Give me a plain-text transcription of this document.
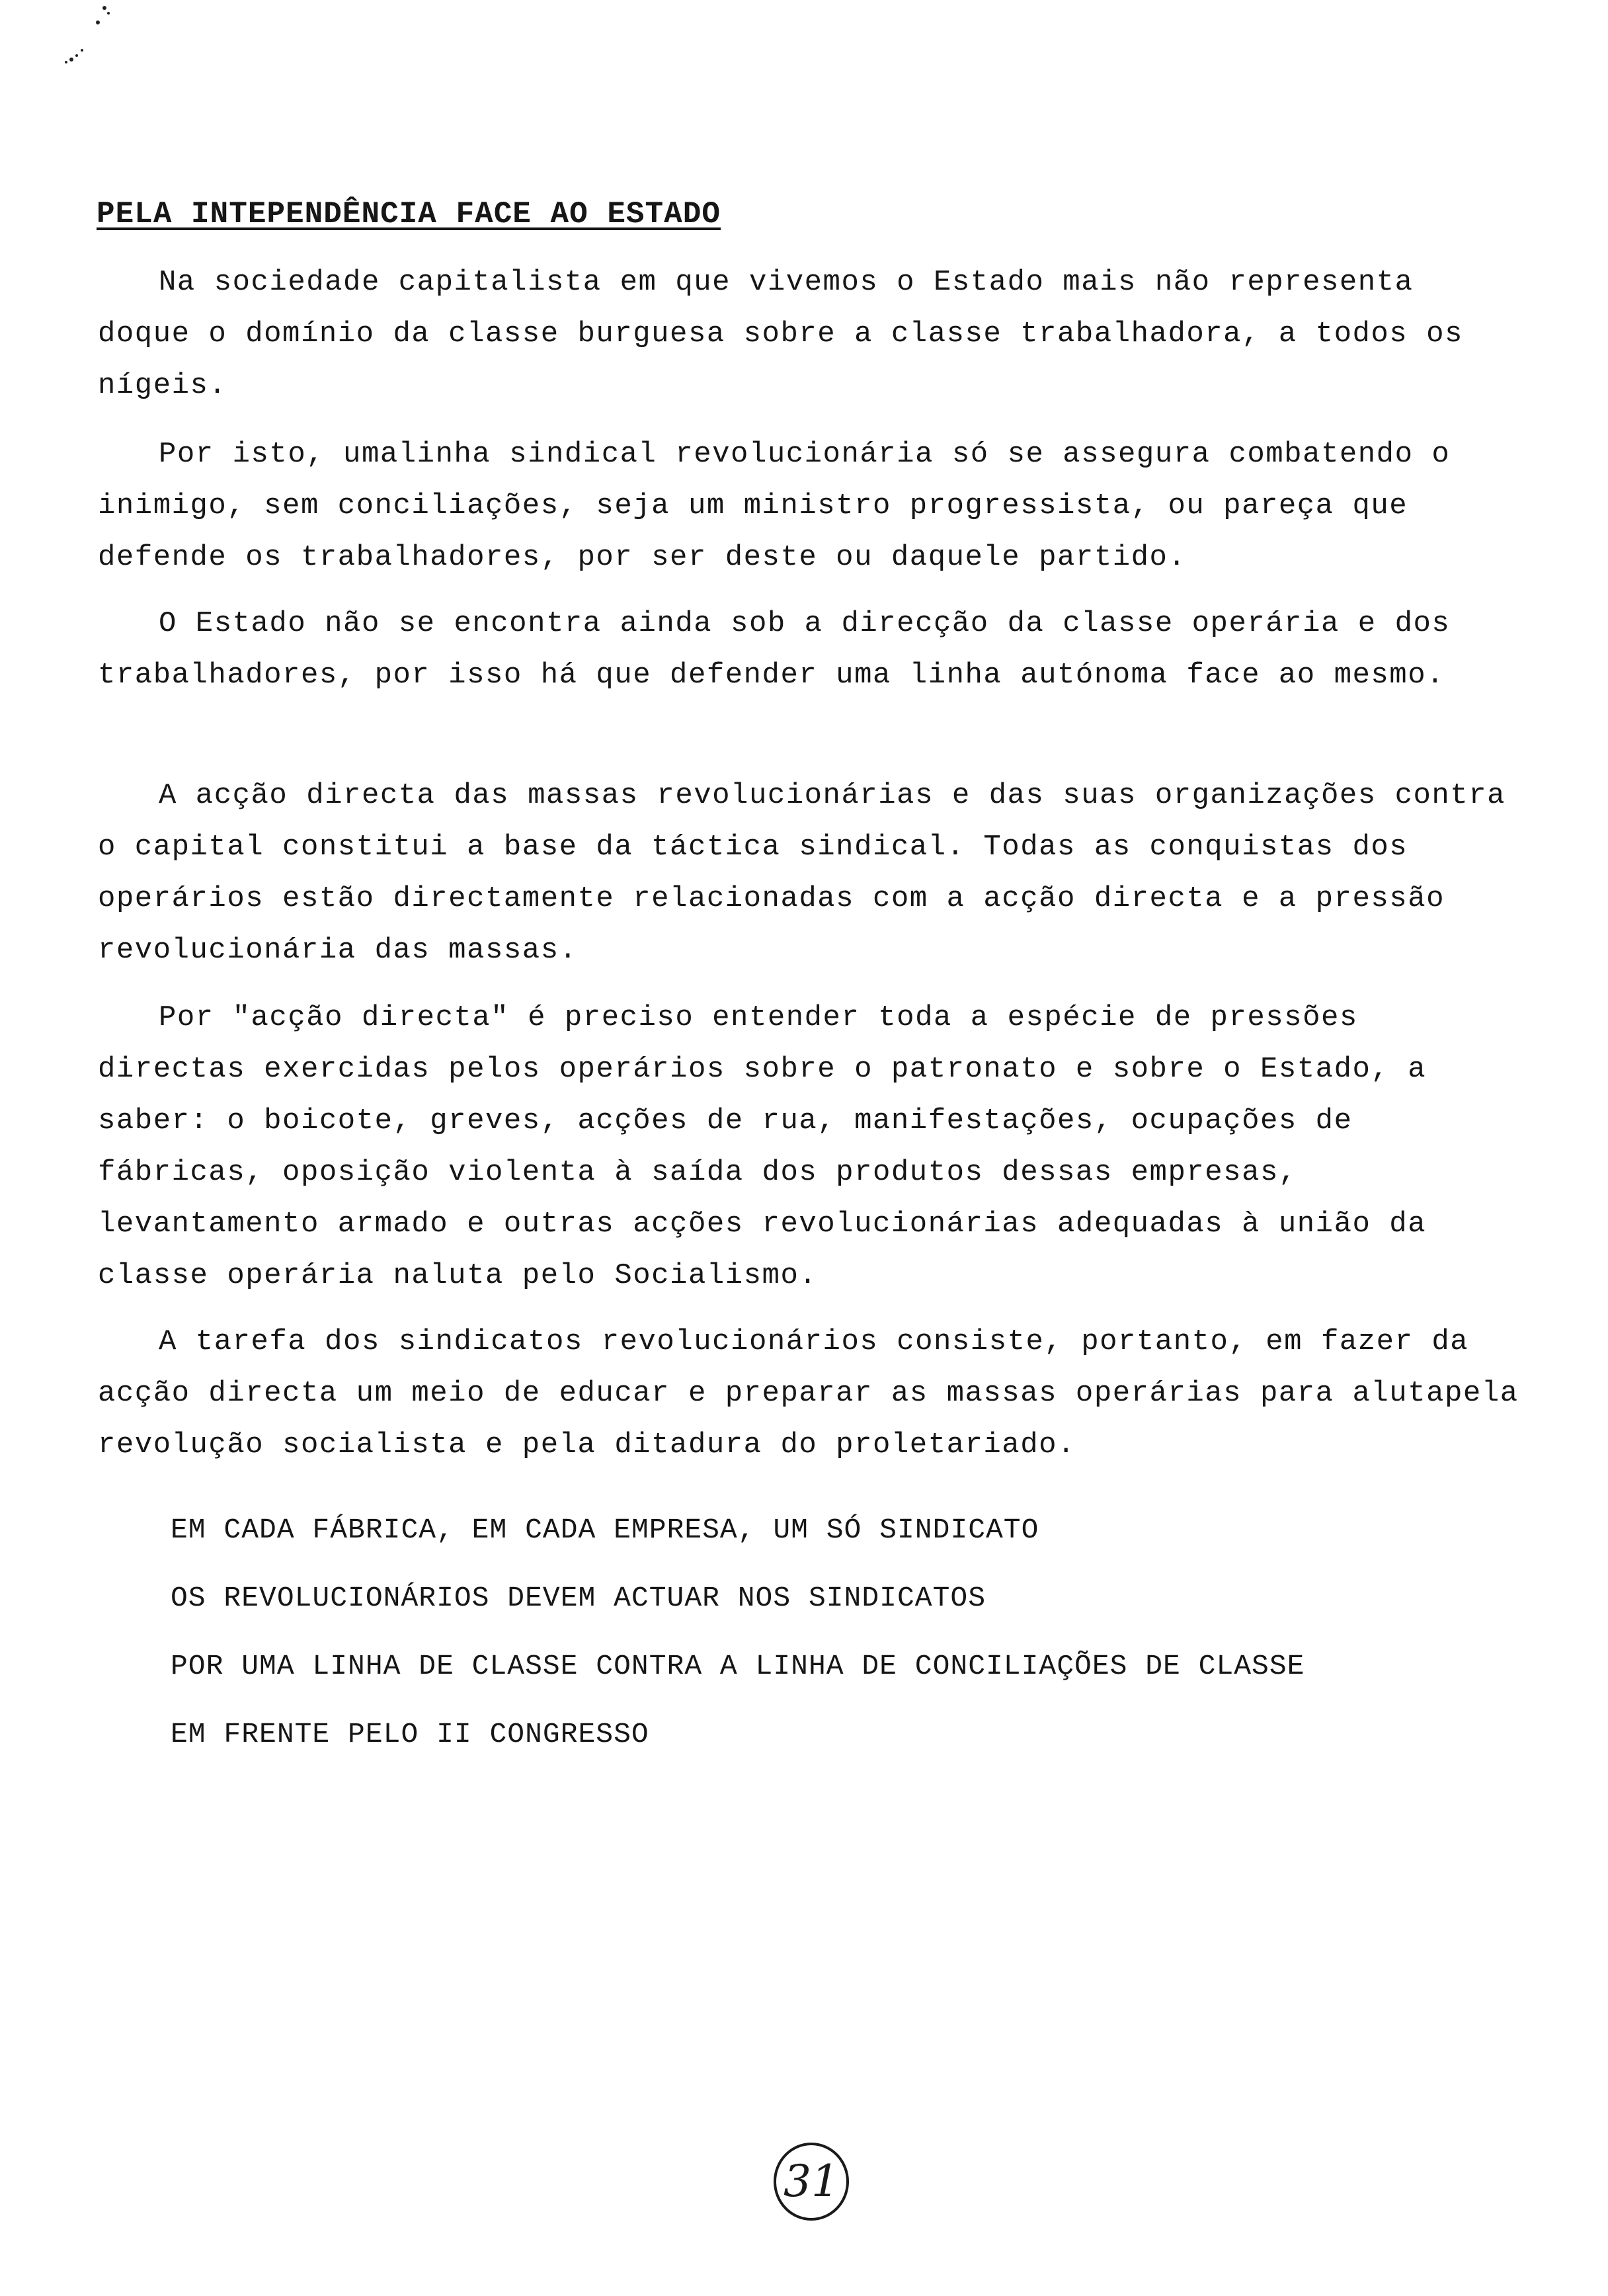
PELA INTEPENDÊNCIA FACE AO ESTADO

Na sociedade capitalista em que vivemos o Estado mais não representa doque o domínio da classe burguesa sobre a classe trabalhadora, a todos os nígeis.

Por isto, umalinha sindical revolucionária só se assegura combatendo o inimigo, sem conciliações, seja um ministro progressista, ou pareça que defende os trabalhadores, por ser deste ou daquele partido.

O Estado não se encontra ainda sob a direcção da classe operária e dos trabalhadores, por isso há que defender uma linha autónoma face ao mesmo.

A acção directa das massas revolucionárias e das suas organizações contra o capital constitui a base da táctica sindical. Todas as conquistas dos operários estão directamente relacionadas com a acção directa e a pressão revolucionária das massas.

Por "acção directa" é preciso entender toda a espécie de pressões directas exercidas pelos operários sobre o patronato e sobre o Estado, a saber: o boicote, greves, acções de rua, manifestações, ocupações de fábricas, oposição violenta à saída dos produtos dessas empresas, levantamento armado e outras acções revolucionárias adequadas à união da classe operária naluta pelo Socialismo.

A tarefa dos sindicatos revolucionários consiste, portanto, em fazer da acção directa um meio de educar e preparar as massas operárias para alutapela revolução socialista e pela ditadura do proletariado.

EM CADA FÁBRICA, EM CADA EMPRESA, UM SÓ SINDICATO
OS REVOLUCIONÁRIOS DEVEM ACTUAR NOS SINDICATOS
POR UMA LINHA DE CLASSE CONTRA A LINHA DE CONCILIAÇÕES DE CLASSE
EM FRENTE PELO II CONGRESSO
31
